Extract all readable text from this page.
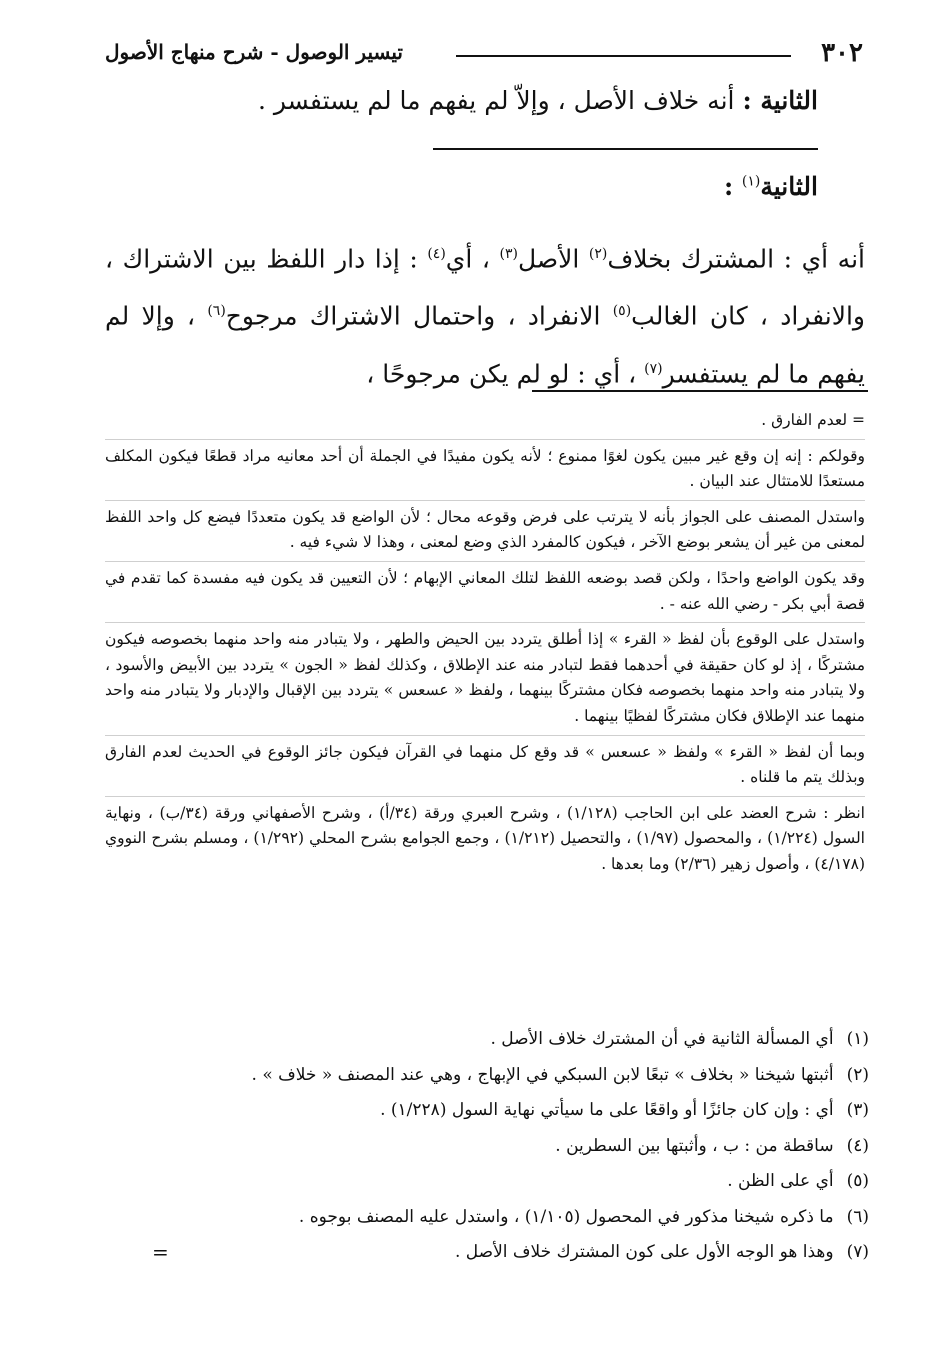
٣٠٢
تيسير الوصول - شرح منهاج الأصول
الثانية : أنه خلاف الأصل ، وإلاّ لم يفهم ما لم يستفسر .
الثانية$^{(١)}$ :
أنه أي : المشترك بخلاف$^{(٢)}$ الأصل$^{(٣)}$ ، أي$^{(٤)}$ : إذا دار اللفظ بين الاشتراك ، والانفراد ، كان الغالب$^{(٥)}$ الانفراد ، واحتمال الاشتراك مرجوح$^{(٦)}$ ، وإلا لم يفهم ما لم يستفسر$^{(٧)}$ ، أي : لو لم يكن مرجوحًا ،
= لعدم الفارق .
وقولكم : إنه إن وقع غير مبين يكون لغوًا ممنوع ؛ لأنه يكون مفيدًا في الجملة أن أحد معانيه مراد قطعًا فيكون المكلف مستعدًا للامتثال عند البيان .
واستدل المصنف على الجواز بأنه لا يترتب على فرض وقوعه محال ؛ لأن الواضع قد يكون متعددًا فيضع كل واحد اللفظ لمعنى من غير أن يشعر بوضع الآخر ، فيكون كالمفرد الذي وضع لمعنى ، وهذا لا شيء فيه .
وقد يكون الواضع واحدًا ، ولكن قصد بوضعه اللفظ لتلك المعاني الإبهام ؛ لأن التعيين قد يكون فيه مفسدة كما تقدم في قصة أبي بكر - رضي الله عنه - .
واستدل على الوقوع بأن لفظ « القرء » إذا أطلق يتردد بين الحيض والطهر ، ولا يتبادر منه واحد منهما بخصوصه فيكون مشتركًا ، إذ لو كان حقيقة في أحدهما فقط لتبادر منه عند الإطلاق ، وكذلك لفظ « الجون » يتردد بين الأبيض والأسود ، ولا يتبادر منه واحد منهما بخصوصه فكان مشتركًا بينهما ، ولفظ « عسعس » يتردد بين الإقبال والإدبار ولا يتبادر منه واحد منهما عند الإطلاق فكان مشتركًا لفظيًا بينهما .
وبما أن لفظ « القرء » ولفظ « عسعس » قد وقع كل منهما في القرآن فيكون جائز الوقوع في الحديث لعدم الفارق وبذلك يتم ما قلناه .
انظر : شرح العضد على ابن الحاجب (١/١٢٨) ، وشرح العبري ورقة (٣٤/أ) ، وشرح الأصفهاني ورقة (٣٤/ب) ، ونهاية السول (١/٢٢٤) ، والمحصول (١/٩٧) ، والتحصيل (١/٢١٢) ، وجمع الجوامع بشرح المحلي (١/٢٩٢) ، ومسلم بشرح النووي (٤/١٧٨) ، وأصول زهير (٢/٣٦) وما بعدها .
(١) أي المسألة الثانية في أن المشترك خلاف الأصل .
(٢) أثبتها شيخنا « بخلاف » تبعًا لابن السبكي في الإبهاج ، وهي عند المصنف « خلاف » .
(٣) أي : وإن كان جائزًا أو واقعًا على ما سيأتي نهاية السول (١/٢٢٨) .
(٤) ساقطة من : ب ، وأثبتها بين السطرين .
(٥) أي على الظن .
(٦) ما ذكره شيخنا مذكور في المحصول (١/١٠٥) ، واستدل عليه المصنف بوجوه .
(٧) وهذا هو الوجه الأول على كون المشترك خلاف الأصل .
=
